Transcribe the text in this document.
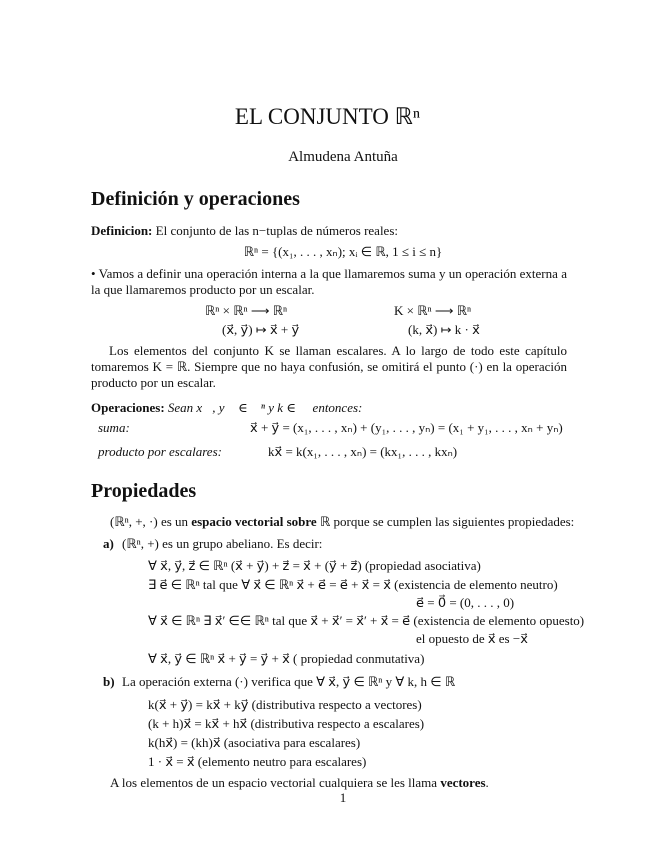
EL CONJUNTO ℝⁿ
Almudena Antuña
Definición y operaciones
Definicion: El conjunto de las n−tuplas de números reales:
ℝⁿ = {(x₁, . . . , xₙ); xᵢ ∈ ℝ, 1 ≤ i ≤ n}
• Vamos a definir una operación interna a la que llamaremos suma y un operación externa a la que llamaremos producto por un escalar.
ℝⁿ × ℝⁿ ⟶ ℝⁿ
(x⃗, y⃗) ↦ x⃗ + y⃗
K × ℝⁿ ⟶ ℝⁿ
(k, x⃗) ↦ k · x⃗
Los elementos del conjunto K se llaman escalares. A lo largo de todo este capítulo tomaremos K = ℝ. Siempre que no haya confusión, se omitirá el punto (·) en la operación producto por un escalar.
Operaciones: Sean x⃗, y⃗ ∈ ℝⁿ y k ∈ ℝ entonces:
suma:	x⃗ + y⃗ = (x₁, . . . , xₙ) + (y₁, . . . , yₙ) = (x₁ + y₁, . . . , xₙ + yₙ)
producto por escalares:	kx⃗ = k(x₁, . . . , xₙ) = (kx₁, . . . , kxₙ)
Propiedades
(ℝⁿ, +, ·) es un espacio vectorial sobre ℝ porque se cumplen las siguientes propiedades:
a) (ℝⁿ, +) es un grupo abeliano. Es decir:
∀ x⃗, y⃗, z⃗ ∈ ℝⁿ (x⃗ + y⃗) + z⃗ = x⃗ + (y⃗ + z⃗) (propiedad asociativa)
∃ e⃗ ∈ ℝⁿ tal que ∀ x⃗ ∈ ℝⁿ x⃗ + e⃗ = e⃗ + x⃗ = x⃗ (existencia de elemento neutro)
e⃗ = 0⃗ = (0, . . . , 0)
∀ x⃗ ∈ ℝⁿ ∃ x⃗′ ∈∈ ℝⁿ tal que x⃗ + x⃗′ = x⃗′ + x⃗ = e⃗ (existencia de elemento opuesto)
el opuesto de x⃗ es −x⃗
∀ x⃗, y⃗ ∈ ℝⁿ x⃗ + y⃗ = y⃗ + x⃗ ( propiedad conmutativa)
b) La operación externa (·) verifica que ∀ x⃗, y⃗ ∈ ℝⁿ y ∀ k, h ∈ ℝ
k(x⃗ + y⃗) = kx⃗ + ky⃗ (distributiva respecto a vectores)
(k + h)x⃗ = kx⃗ + hx⃗ (distributiva respecto a escalares)
k(hx⃗) = (kh)x⃗ (asociativa para escalares)
1 · x⃗ = x⃗ (elemento neutro para escalares)
A los elementos de un espacio vectorial cualquiera se les llama vectores.
1
